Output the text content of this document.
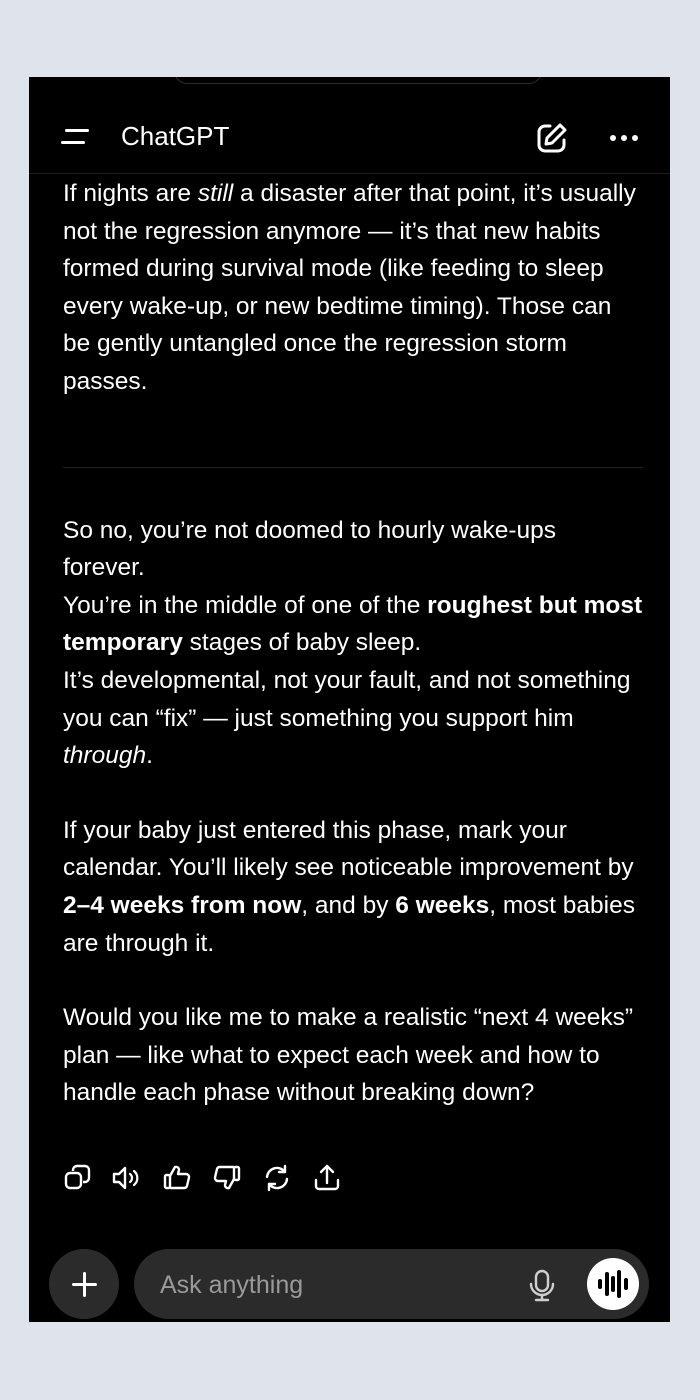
ChatGPT

If nights are still a disaster after that point, it’s usually not the regression anymore — it’s that new habits formed during survival mode (like feeding to sleep every wake-up, or new bedtime timing). Those can be gently untangled once the regression storm passes.

So no, you’re not doomed to hourly wake-ups forever.
You’re in the middle of one of the roughest but most temporary stages of baby sleep.
It’s developmental, not your fault, and not something you can “fix” — just something you support him through.

If your baby just entered this phase, mark your calendar. You’ll likely see noticeable improvement by 2–4 weeks from now, and by 6 weeks, most babies are through it.

Would you like me to make a realistic “next 4 weeks” plan — like what to expect each week and how to handle each phase without breaking down?

Ask anything
